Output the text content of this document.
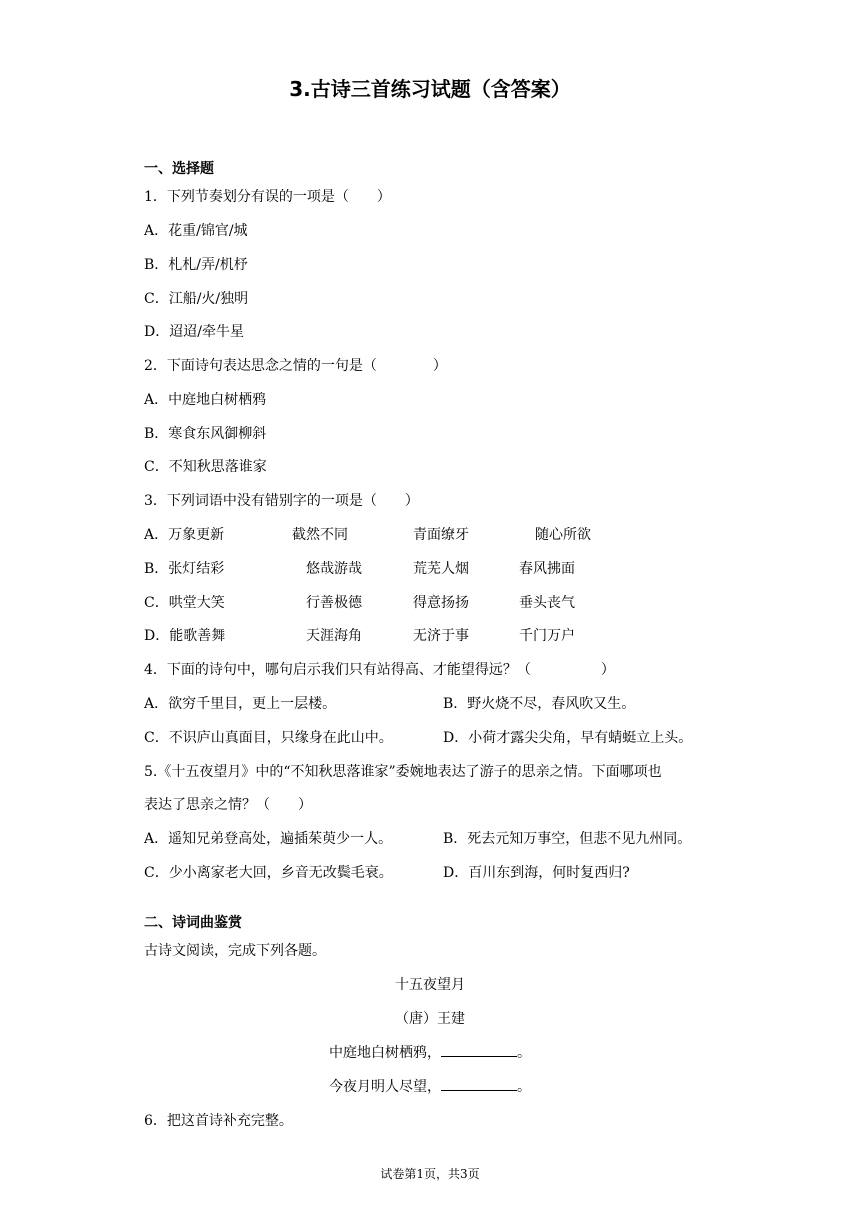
3.古诗三首练习试题（含答案）
一、选择题
1．下列节奏划分有误的一项是（　　）
A．花重/锦官/城
B．札札/弄/机杼
C．江船/火/独明
D．迢迢/牵牛星
2．下面诗句表达思念之情的一句是（　　　　）
A．中庭地白树栖鸦
B．寒食东风御柳斜
C．不知秋思落谁家
3．下列词语中没有错别字的一项是（　　）
A．万象更新	截然不同	青面缭牙	随心所欲
B．张灯结彩	悠哉游哉	荒芜人烟	春风拂面
C．哄堂大笑	行善极德	得意扬扬	垂头丧气
D．能歌善舞	天涯海角	无济于事	千门万户
4．下面的诗句中，哪句启示我们只有站得高、才能望得远？（　　　　　）
A．欲穷千里目，更上一层楼。	B．野火烧不尽，春风吹又生。
C．不识庐山真面目，只缘身在此山中。	D．小荷才露尖尖角，早有蜻蜓立上头。
5.《十五夜望月》中的“不知秋思落谁家”委婉地表达了游子的思亲之情。下面哪项也
表达了思亲之情？（　　）
A．遥知兄弟登高处，遍插茱萸少一人。	B．死去元知万事空，但悲不见九州同。
C．少小离家老大回，乡音无改鬓毛衰。	D．百川东到海，何时复西归?
二、诗词曲鉴赏
古诗文阅读，完成下列各题。
十五夜望月
（唐）王建
中庭地白树栖鸦，	。
今夜月明人尽望，	。
6．把这首诗补充完整。
试卷第1页，共3页
